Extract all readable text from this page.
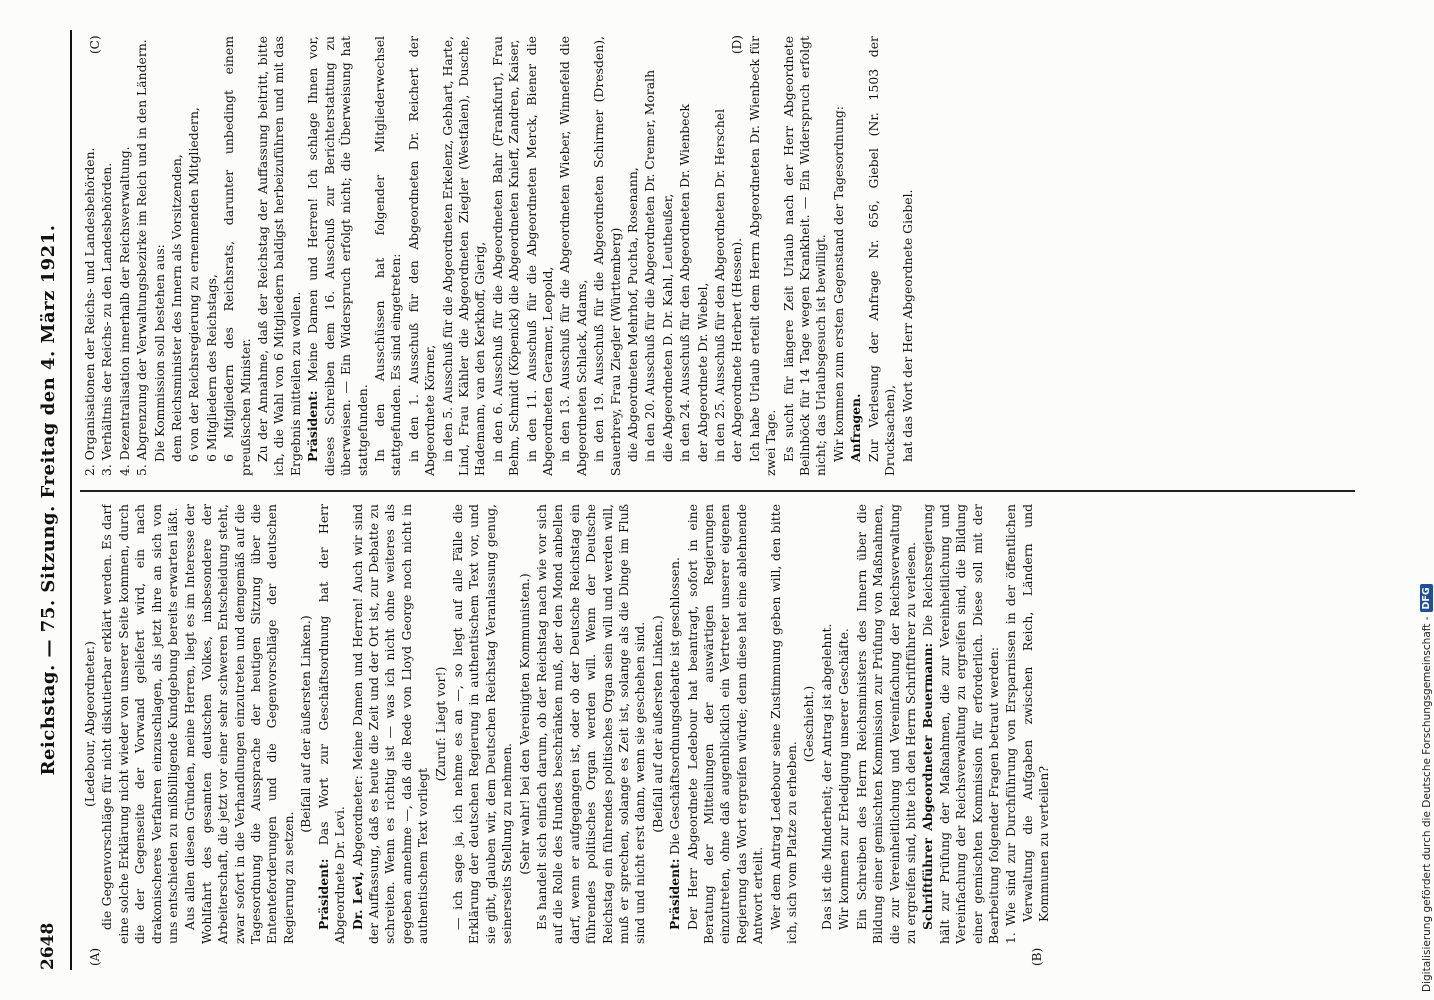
2648
Reichstag. — 75. Sitzung. Freitag den 4. März 1921.
(A)	(B)
(C)	(D)

(Ledebour, Abgeordneter.) die Gegenvorschläge für nicht diskutierbar erklärt werden. Es darf eine solche Erklärung nicht wieder von unserer Seite kommen, durch die der Gegenseite der Vorwand geliefert wird, ein nach drakonischeres Verfahren einzuschlagen, als jetzt ihre an sich von uns entschieden zu mißbilligende Kundgebung bereits erwarten läßt. Aus allen diesen Gründen, meine Herren, liegt es im Interesse der Wohlfahrt des gesamten deutschen Volkes, insbesondere der Arbeiterschaft, die jetzt vor einer sehr schweren Entscheidung steht, zwar sofort in die Verhandlungen einzutreten und demgemäß auf die Tagesordnung die Aussprache der heutigen Sitzung über die Ententeforderungen und die Gegenvorschläge der deutschen Regierung zu setzen.

(Beifall auf der äußersten Linken.)

Präsident: Das Wort zur Geschäftsordnung hat der Herr Abgeordnete Dr. Levi. Dr. Levi, Abgeordneter: Meine Damen und Herren! Auch wir sind der Auffassung, daß es heute die Zeit und der Ort ist, zur Debatte zu schreiten. Wenn es richtig ist — was ich nicht ohne weiteres als gegeben annehme —, daß die Rede von Lloyd George noch nicht in authentischem Text vorliegt

(Zuruf: Liegt vor!) — ich sage ja, ich nehme es an —, so liegt auf alle Fälle die Erklärung der deutschen Regierung in authentischem Text vor, und sie gibt, glauben wir, dem Deutschen Reichstag Veranlassung genug, seinerseits Stellung zu nehmen. (Sehr wahr! bei den Vereinigten Kommunisten.) Es handelt sich einfach darum, ob der Reichstag nach wie vor sich auf die Rolle des Hundes beschränken muß, der den Mond anbellen darf, wenn er aufgegangen ist, oder ob der Deutsche Reichstag ein führendes politisches Organ werden will. Wenn der Deutsche Reichstag ein führendes politisches Organ sein will und werden will, muß er sprechen, solange es Zeit ist, solange als die Dinge im Fluß sind und nicht erst dann, wenn sie geschehen sind. (Beifall auf der äußersten Linken.)

Präsident: Die Geschäftsordnungsdebatte ist geschlossen. Der Herr Abgeordnete Ledebour hat beantragt, sofort in eine Beratung der Mitteilungen der auswärtigen Regierungen einzutreten, ohne daß augenblicklich ein Vertreter unserer eigenen Regierung das Wort ergreifen würde; denn diese hat eine ablehnende Antwort erteilt. Wer dem Antrag Ledebour seine Zustimmung geben will, den bitte ich, sich vom Platze zu erheben.

(Geschieht.) Das ist die Minderheit; der Antrag ist abgelehnt. Wir kommen zur Erledigung unserer Geschäfte. Ein Schreiben des Herrn Reichsministers des Innern über die Bildung einer gemischten Kommission zur Prüfung von Maßnahmen, die zur Vereinheitlichung und Vereinfachung der Reichsverwaltung zu ergreifen sind, bitte ich den Herrn Schriftführer zu verlesen. Schriftführer Abgeordneter Beuermann: Die Reichsregierung hält zur Prüfung der Maßnahmen, die zur Vereinheitlichung und Vereinfachung der Reichsverwaltung zu ergreifen sind, die Bildung einer gemischten Kommission für erforderlich. Diese soll mit der Bearbeitung folgender Fragen betraut werden: 1. Wie sind zur Durchführung von Ersparnissen in der öffentlichen Verwaltung die Aufgaben zwischen Reich, Ländern und Kommunen zu verteilen?

2. Organisationen der Reichs- und Landesbehörden. 3. Verhältnis der Reichs- zu den Landesbehörden. 4. Dezentralisation innerhalb der Reichsverwaltung. 5. Abgrenzung der Verwaltungsbezirke im Reich und in den Ländern. Die Kommission soll bestehen aus: dem Reichsminister des Innern als Vorsitzenden, 6 von der Reichsregierung zu ernennenden Mitgliedern, 6 Mitgliedern des Reichstags, 6 Mitgliedern des Reichsrats, darunter unbedingt einem preußischen Minister. Zu der Annahme, daß der Reichstag der Auffassung beitritt, bitte ich, die Wahl von 6 Mitgliedern baldigst herbeizuführen und mit das Ergebnis mitteilen zu wollen. Präsident: Meine Damen und Herren! Ich schlage Ihnen vor, dieses Schreiben dem 16. Ausschuß zur Berichterstattung zu überweisen. — Ein Widerspruch erfolgt nicht; die Überweisung hat stattgefunden. In den Ausschüssen hat folgender Mitgliederwechsel stattgefunden. Es sind eingetreten: in den 1. Ausschuß für den Abgeordneten Dr. Reichert der Abgeordnete Körner, in den 5. Ausschuß für die Abgeordneten Erkelenz, Gebhart, Harte, Lind, Frau Kähler die Abgeordneten Ziegler (Westfalen), Dusche, Hademann, van den Kerkhoff, Gierig, in den 6. Ausschuß für die Abgeordneten Bahr (Frankfurt), Frau Behm, Schmidt (Köpenick) die Abgeordneten Knieff, Zandren, Kaiser, in den 11. Ausschuß für die Abgeordneten Merck, Biener die Abgeordneten Geramer, Leopold, in den 13. Ausschuß für die Abgeordneten Wieber, Winnefeld die Abgeordneten Schlack, Adams, in den 19. Ausschuß für die Abgeordneten Schirmer (Dresden), Sauerbrey, Frau Ziegler (Württemberg) die Abgeordneten Mehrhof, Puchta, Rosenann, in den 20. Ausschuß für die Abgeordneten Dr. Cremer, Moralh die Abgeordneten D. Dr. Kahl, Leutheußer, in den 24. Ausschuß für den Abgeordneten Dr. Wienbeck der Abgeordnete Dr. Wiebel, in den 25. Ausschuß für den Abgeordneten Dr. Herschel der Abgeordnete Herbert (Hessen). Ich habe Urlaub erteilt dem Herrn Abgeordneten Dr. Wienbeck für zwei Tage. Es sucht für längere Zeit Urlaub nach der Herr Abgeordnete Beilnböck für 14 Tage wegen Krankheit. — Ein Widerspruch erfolgt nicht; das Urlaubsgesuch ist bewilligt. Wir kommen zum ersten Gegenstand der Tagesordnung: Anfragen. Zur Verlesung der Anfrage Nr. 656, Giebel (Nr. 1503 der Drucksachen), hat das Wort der Herr Abgeordnete Giebel.

Digitalisierung gefördert durch die Deutsche Forschungsgemeinschaft -
DFG
